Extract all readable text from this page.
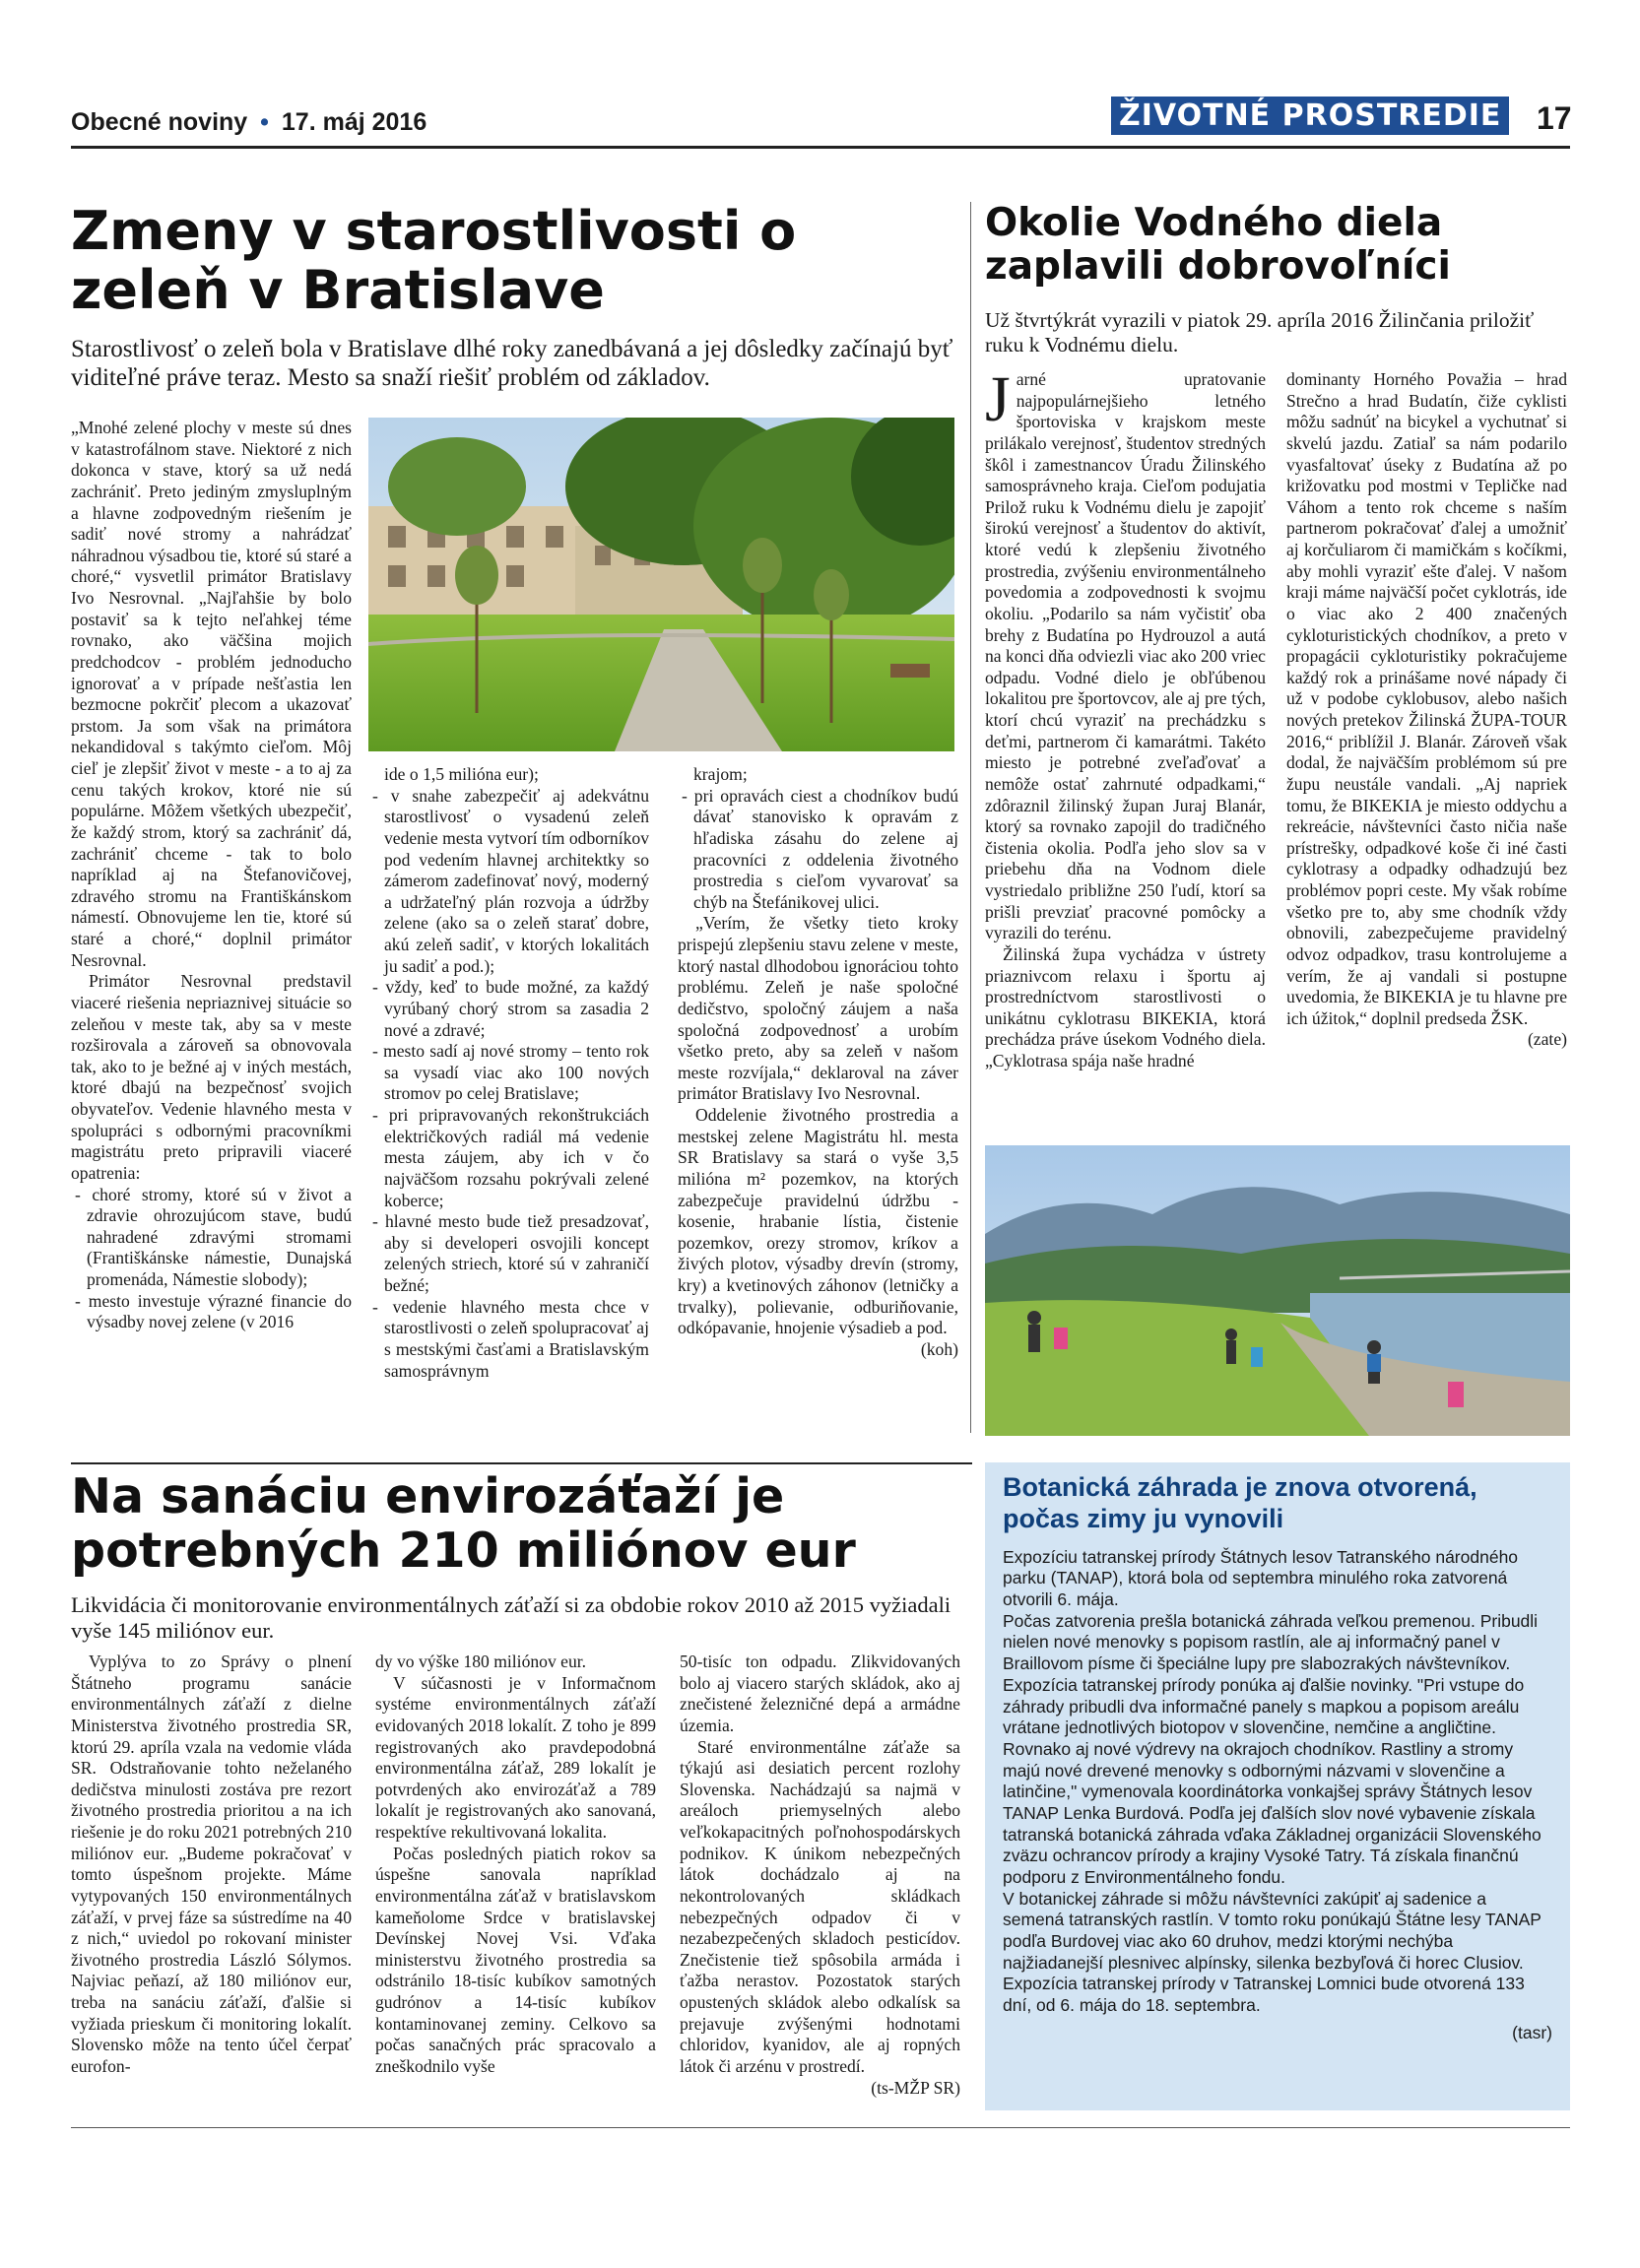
Obecné noviny • 17. máj 2016	ŽIVOTNÉ PROSTREDIE 17
Zmeny v starostlivosti o zeleň v Bratislave
Starostlivosť o zeleň bola v Bratislave dlhé roky zanedbávaná a jej dôsledky začínajú byť viditeľné práve teraz. Mesto sa snaží riešiť problém od základov.

„Mnohé zelené plochy v meste sú dnes v katastrofálnom stave. Niektoré z nich dokonca v stave, ktorý sa už nedá zachrániť. Preto jediným zmysluplným a hlavne zodpovedným riešením je sadiť nové stromy a nahrádzať náhradnou výsadbou tie, ktoré sú staré a choré,“ vysvetlil primátor Bratislavy Ivo Nesrovnal. „Najľahšie by bolo postaviť sa k tejto neľahkej téme rovnako, ako väčšina mojich predchodcov - problém jednoducho ignorovať a v prípade nešťastia len bezmocne pokrčiť plecom a ukazovať prstom. Ja som však na primátora nekandidoval s takýmto cieľom. Môj cieľ je zlepšiť život v meste - a to aj za cenu takých krokov, ktoré nie sú populárne. Môžem všetkých ubezpečiť, že každý strom, ktorý sa zachrániť dá, zachrániť chceme - tak to bolo napríklad aj na Štefanovičovej, zdravého stromu na Františkánskom námestí. Obnovujeme len tie, ktoré sú staré a choré,“ doplnil primátor Nesrovnal.

Primátor Nesrovnal predstavil viaceré riešenia nepriaznivej situácie so zeleňou v meste tak, aby sa v meste rozširovala a zároveň sa obnovovala tak, ako to je bežné aj v iných mestách, ktoré dbajú na bezpečnosť svojich obyvateľov. Vedenie hlavného mesta v spolupráci s odbornými pracovníkmi magistrátu preto pripravili viaceré opatrenia:

- choré stromy, ktoré sú v život a zdravie ohrozujúcom stave, budú nahradené zdravými stromami (Františkánske námestie, Dunajská promenáda, Námestie slobody);

- mesto investuje výrazné financie do výsadby novej zelene (v 2016

ide o 1,5 milióna eur);

- v snahe zabezpečiť aj adekvátnu starostlivosť o vysadenú zeleň vedenie mesta vytvorí tím odborníkov pod vedením hlavnej architektky so zámerom zadefinovať nový, moderný a udržateľný plán rozvoja a údržby zelene (ako sa o zeleň starať dobre, akú zeleň sadiť, v ktorých lokalitách ju sadiť a pod.);

- vždy, keď to bude možné, za každý vyrúbaný chorý strom sa zasadia 2 nové a zdravé;

- mesto sadí aj nové stromy – tento rok sa vysadí viac ako 100 nových stromov po celej Bratislave;

- pri pripravovaných rekonštrukciách električkových radiál má vedenie mesta záujem, aby ich v čo najväčšom rozsahu pokrývali zelené koberce;

- hlavné mesto bude tiež presadzovať, aby si developeri osvojili koncept zelených striech, ktoré sú v zahraničí bežné;

- vedenie hlavného mesta chce v starostlivosti o zeleň spolupracovať aj s mestskými časťami a Bratislavským samosprávnym

krajom;

- pri opravách ciest a chodníkov budú dávať stanovisko k opravám z hľadiska zásahu do zelene aj pracovníci z oddelenia životného prostredia s cieľom vyvarovať sa chýb na Štefánikovej ulici.

„Verím, že všetky tieto kroky prispejú zlepšeniu stavu zelene v meste, ktorý nastal dlhodobou ignoráciou tohto problému. Zeleň je naše spoločné dedičstvo, spoločný záujem a naša spoločná zodpovednosť a urobím všetko preto, aby sa zeleň v našom meste rozvíjala,“ deklaroval na záver primátor Bratislavy Ivo Nesrovnal.

Oddelenie životného prostredia a mestskej zelene Magistrátu hl. mesta SR Bratislavy sa stará o vyše 3,5 milióna m² pozemkov, na ktorých zabezpečuje pravidelnú údržbu - kosenie, hrabanie lístia, čistenie pozemkov, orezy stromov, kríkov a živých plotov, výsadby drevín (stromy, kry) a kvetinových záhonov (letničky a trvalky), polievanie, odburiňovanie, odkópavanie, hnojenie výsadieb a pod.

(koh)

Okolie Vodného diela zaplavili dobrovoľníci
Už štvrtýkrát vyrazili v piatok 29. apríla 2016 Žilinčania priložiť ruku k Vodnému dielu.

Jarné upratovanie najpopulárnejšieho letného športoviska v krajskom meste prilákalo verejnosť, študentov stredných škôl i zamestnancov Úradu Žilinského samosprávneho kraja. Cieľom podujatia Prilož ruku k Vodnému dielu je zapojiť širokú verejnosť a študentov do aktivít, ktoré vedú k zlepšeniu životného prostredia, zvýšeniu environmentálneho povedomia a zodpovednosti k svojmu okoliu. „Podarilo sa nám vyčistiť oba brehy z Budatína po Hydrouzol a autá na konci dňa odviezli viac ako 200 vriec odpadu. Vodné dielo je obľúbenou lokalitou pre športovcov, ale aj pre tých, ktorí chcú vyraziť na prechádzku s deťmi, partnerom či kamarátmi. Takéto miesto je potrebné zveľaďovať a nemôže ostať zahrnuté odpadkami,“ zdôraznil žilinský župan Juraj Blanár, ktorý sa rovnako zapojil do tradičného čistenia okolia. Podľa jeho slov sa v priebehu dňa na Vodnom diele vystriedalo približne 250 ľudí, ktorí sa prišli prevziať pracovné pomôcky a vyrazili do terénu.

Žilinská župa vychádza v ústrety priaznivcom relaxu i športu aj prostredníctvom starostlivosti o unikátnu cyklotrasu BIKEKIA, ktorá prechádza práve úsekom Vodného diela. „Cyklotrasa spája naše hradné

dominanty Horného Považia – hrad Strečno a hrad Budatín, čiže cyklisti môžu sadnúť na bicykel a vychutnať si skvelú jazdu. Zatiaľ sa nám podarilo vyasfaltovať úseky z Budatína až po križovatku pod mostmi v Tepličke nad Váhom a tento rok chceme s naším partnerom pokračovať ďalej a umožniť aj korčuliarom či mamičkám s kočíkmi, aby mohli vyraziť ešte ďalej. V našom kraji máme najväčší počet cyklotrás, ide o viac ako 2 400 značených cykloturistických chodníkov, a preto v propagácii cykloturistiky pokračujeme každý rok a prinášame nové nápady či už v podobe cyklobusov, alebo našich nových pretekov Žilinská ŽUPA-TOUR 2016,“ priblížil J. Blanár. Zároveň však dodal, že najväčším problémom sú pre župu neustále vandali. „Aj napriek tomu, že BIKEKIA je miesto oddychu a rekreácie, návštevníci často ničia naše prístrešky, odpadkové koše či iné časti cyklotrasy a odpadky odhadzujú bez problémov popri ceste. My však robíme všetko pre to, aby sme chodník vždy obnovili, zabezpečujeme pravidelný odvoz odpadkov, trasu kontrolujeme a verím, že aj vandali si postupne uvedomia, že BIKEKIA je tu hlavne pre ich úžitok,“ doplnil predseda ŽSK.

(zate)

Na sanáciu envirozáťaží je potrebných 210 miliónov eur
Likvidácia či monitorovanie environmentálnych záťaží si za obdobie rokov 2010 až 2015 vyžiadali vyše 145 miliónov eur.

Vyplýva to zo Správy o plnení Štátneho programu sanácie environmentálnych záťaží z dielne Ministerstva životného prostredia SR, ktorú 29. apríla vzala na vedomie vláda SR. Odstraňovanie tohto neželaného dedičstva minulosti zostáva pre rezort životného prostredia prioritou a na ich riešenie je do roku 2021 potrebných 210 miliónov eur. „Budeme pokračovať v tomto úspešnom projekte. Máme vytypovaných 150 environmentálnych záťaží, v prvej fáze sa sústredíme na 40 z nich,“ uviedol po rokovaní minister životného prostredia László Sólymos. Najviac peňazí, až 180 miliónov eur, treba na sanáciu záťaží, ďalšie si vyžiada prieskum či monitoring lokalít. Slovensko môže na tento účel čerpať eurofon-

dy vo výške 180 miliónov eur.

V súčasnosti je v Informačnom systéme environmentálnych záťaží evidovaných 2018 lokalít. Z toho je 899 registrovaných ako pravdepodobná environmentálna záťaž, 289 lokalít je potvrdených ako envirozáťaž a 789 lokalít je registrovaných ako sanovaná, respektíve rekultivovaná lokalita.

Počas posledných piatich rokov sa úspešne sanovala napríklad environmentálna záťaž v bratislavskom kameňolome Srdce v bratislavskej Devínskej Novej Vsi. Vďaka ministerstvu životného prostredia sa odstránilo 18-tisíc kubíkov samotných gudrónov a 14-tisíc kubíkov kontaminovanej zeminy. Celkovo sa počas sanačných prác spracovalo a zneškodnilo vyše

50-tisíc ton odpadu. Zlikvidovaných bolo aj viacero starých skládok, ako aj znečistené železničné depá a armádne územia.

Staré environmentálne záťaže sa týkajú asi desiatich percent rozlohy Slovenska. Nachádzajú sa najmä v areáloch priemyselných alebo veľkokapacitných poľnohospodárskych podnikov. K únikom nebezpečných látok dochádzalo aj na nekontrolovaných skládkach nebezpečných odpadov či v nezabezpečených skladoch pesticídov. Znečistenie tiež spôsobila armáda i ťažba nerastov. Pozostatok starých opustených skládok alebo odkalísk sa prejavuje zvýšenými hodnotami chloridov, kyanidov, ale aj ropných látok či arzénu v prostredí.

(ts-MŽP SR)

Botanická záhrada je znova otvorená, počas zimy ju vynovili

Expozíciu tatranskej prírody Štátnych lesov Tatranského národného parku (TANAP), ktorá bola od septembra minulého roka zatvorená otvorili 6. mája.

Počas zatvorenia prešla botanická záhrada veľkou premenou. Pribudli nielen nové menovky s popisom rastlín, ale aj informačný panel v Braillovom písme či špeciálne lupy pre slabozrakých návštevníkov.

Expozícia tatranskej prírody ponúka aj ďalšie novinky. "Pri vstupe do záhrady pribudli dva informačné panely s mapkou a popisom areálu vrátane jednotlivých biotopov v slovenčine, nemčine a angličtine. Rovnako aj nové výdrevy na okrajoch chodníkov. Rastliny a stromy majú nové drevené menovky s odbornými názvami v slovenčine a latinčine," vymenovala koordinátorka vonkajšej správy Štátnych lesov TANAP Lenka Burdová. Podľa jej ďalších slov nové vybavenie získala tatranská botanická záhrada vďaka Základnej organizácii Slovenského zväzu ochrancov prírody a krajiny Vysoké Tatry. Tá získala finančnú podporu z Environmentálneho fondu.

V botanickej záhrade si môžu návštevníci zakúpiť aj sadenice a semená tatranských rastlín. V tomto roku ponúkajú Štátne lesy TANAP podľa Burdovej viac ako 60 druhov, medzi ktorými nechýba najžiadanejší plesnivec alpínsky, silenka bezbyľová či horec Clusiov. Expozícia tatranskej prírody v Tatranskej Lomnici bude otvorená 133 dní, od 6. mája do 18. septembra.

(tasr)
